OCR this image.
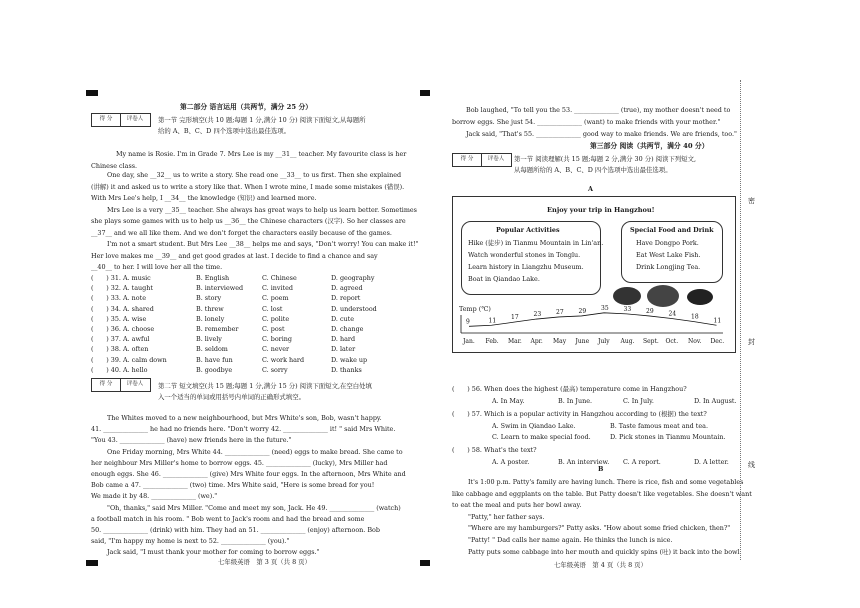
第二部分 语言运用（共两节，满分 25 分）
得 分	评卷人	第一节 完形填空(共 10 题;每题 1 分,满分 10 分) 阅读下面短文,从每题所
给的 A、B、C、D 四个选项中选出最佳选项。
My name is Rosie. I'm in Grade 7. Mrs Lee is my __31__ teacher. My favourite class is her
Chinese class.
One day, she __32__ us to write a story. She read one __33__ to us first. Then she explained
(讲解) it and asked us to write a story like that. When I wrote mine, I made some mistakes (错误).
With Mrs Lee's help, I __34__ the knowledge (知识) and learned more.
Mrs Lee is a very __35__ teacher. She always has great ways to help us learn better. Sometimes
she plays some games with us to help us __36__ the Chinese characters (汉字). So her classes are
__37__ and we all like them. And we don't forget the characters easily because of the games.
I'm not a smart student. But Mrs Lee __38__ helps me and says, "Don't worry! You can make it!"
Her love makes me __39__ and get good grades at last. I decide to find a chance and say
__40__ to her. I will love her all the time.
(　　) 31. A. music	B. English	C. Chinese	D. geography
(　　) 32. A. taught	B. interviewed	C. invited	D. agreed
(　　) 33. A. note	B. story	C. poem	D. report
(　　) 34. A. shared	B. threw	C. lost	D. understood
(　　) 35. A. wise	B. lonely	C. polite	D. cute
(　　) 36. A. choose	B. remember	C. post	D. change
(　　) 37. A. awful	B. lively	C. boring	D. hard
(　　) 38. A. often	B. seldom	C. never	D. later
(　　) 39. A. calm down	B. have fun	C. work hard	D. wake up
(　　) 40. A. hello	B. goodbye	C. sorry	D. thanks
得 分	评卷人	第二节 短文填空(共 15 题;每题 1 分,满分 15 分) 阅读下面短文,在空白处填
入一个适当的单词或用括号内单词的正确形式填空。
The Whites moved to a new neighbourhood, but Mrs White's son, Bob, wasn't happy.
41. ______________ he had no friends here. "Don't worry 42. ______________ it! " said Mrs White.
"You 43. ______________ (have) new friends here in the future."
One Friday morning, Mrs White 44. ______________ (need) eggs to make bread. She came to
her neighbour Mrs Miller's home to borrow eggs. 45. ______________ (lucky), Mrs Miller had
enough eggs. She 46. ______________ (give) Mrs White four eggs. In the afternoon, Mrs White and
Bob came a 47. ______________ (two) time. Mrs White said, "Here is some bread for you!
We made it by 48. ______________ (we)."
"Oh, thanks," said Mrs Miller. "Come and meet my son, Jack. He 49. ______________ (watch)
a football match in his room. " Bob went to Jack's room and had the bread and some
50. ______________ (drink) with him. They had an 51. ______________ (enjoy) afternoon. Bob
said, "I'm happy my home is next to 52. ______________ (you)."
Jack said, "I must thank your mother for coming to borrow eggs."
七年级英语　第 3 页（共 8 页）
Bob laughed, "To tell you the 53. ______________ (true), my mother doesn't need to
borrow eggs. She just 54. ______________ (want) to make friends with your mother."
Jack said, "That's 55. ______________ good way to make friends. We are friends, too."
得 分	评卷人
第三部分 阅读（共两节，满分 40 分）
第一节 阅读理解(共 15 题;每题 2 分,满分 30 分) 阅读下列短文,
从每题所给的 A、B、C、D 四个选项中选出最佳选项。
A
Enjoy your trip in Hangzhou!
Popular Activities
Hike (徒步) in Tianmu Mountain in Lin'an.
Watch wonderful stones in Tonglu.
Learn history in Liangzhu Museum.
Boat in Qiandao Lake.
Special Food and Drink
Have Dongpo Pork.
Eat West Lake Fish.
Drink Longjing Tea.
Temp (℃)
9	11 17 23 27 29 35 33 29 24 18
11
Jan. Feb. Mar. Apr. May June July Aug. Sept. Oct. Nov. Dec.
(　　) 56. When does the highest (最高) temperature come in Hangzhou?
A. In May.	B. In June.	C. In July.	D. In August.
(　　) 57. Which is a popular activity in Hangzhou according to (根据) the text?
A. Swim in Qiandao Lake.	B. Taste famous meat and tea.
C. Learn to make special food.	D. Pick stones in Tianmu Mountain.
(　　) 58. What's the text?
A. A poster.	B. An interview. C. A report.	D. A letter.
B
It's 1:00 p.m. Patty's family are having lunch. There is rice, fish and some vegetables
like cabbage and eggplants on the table. But Patty doesn't like vegetables. She doesn't want
to eat the meal and puts her bowl away.
"Patty," her father says.
"Where are my hamburgers?" Patty asks. "How about some fried chicken, then?"
"Patty! " Dad calls her name again. He thinks the lunch is nice.
Patty puts some cabbage into her mouth and quickly spins (吐) it back into the bowl.
密
封
线
七年级英语　第 4 页（共 8 页）
